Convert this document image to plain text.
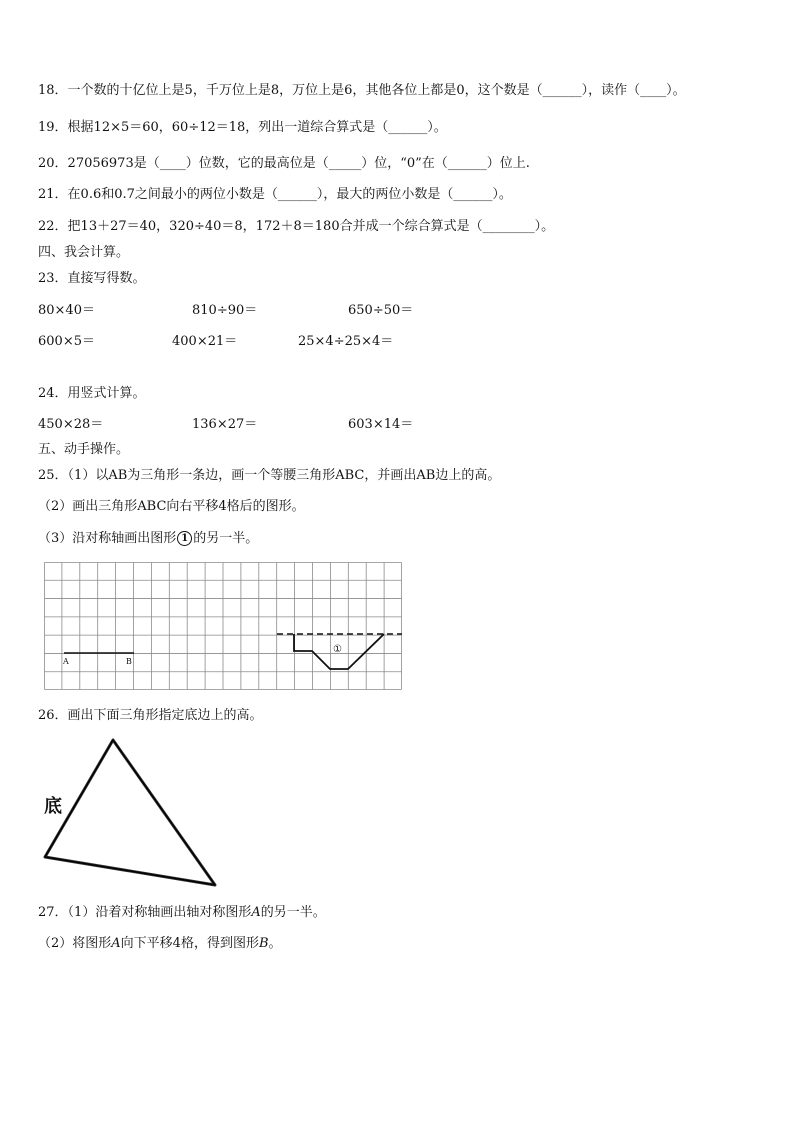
18．一个数的十亿位上是5，千万位上是8，万位上是6，其他各位上都是0，这个数是（______），读作（____）。
19．根据12×5＝60，60÷12＝18，列出一道综合算式是（______）。
20．27056973是（____）位数，它的最高位是（_____）位，“0”在（______）位上.
21．在0.6和0.7之间最小的两位小数是（______），最大的两位小数是（______）。
22．把13＋27＝40，320÷40＝8，172＋8＝180合并成一个综合算式是（________）。
四、我会计算。
23．直接写得数。
80×40＝	810÷90＝	650÷50＝
600×5＝	400×21＝	25×4÷25×4＝
24．用竖式计算。
450×28＝	136×27＝	603×14＝
五、动手操作。
25．（1）以AB为三角形一条边，画一个等腰三角形ABC，并画出AB边上的高。
（2）画出三角形ABC向右平移4格后的图形。
（3）沿对称轴画出图形 1 的另一半。
A	B
①
26．画出下面三角形指定底边上的高。
底
27．（1）沿着对称轴画出轴对称图形A的另一半。
（2）将图形A向下平移4格，得到图形B。
